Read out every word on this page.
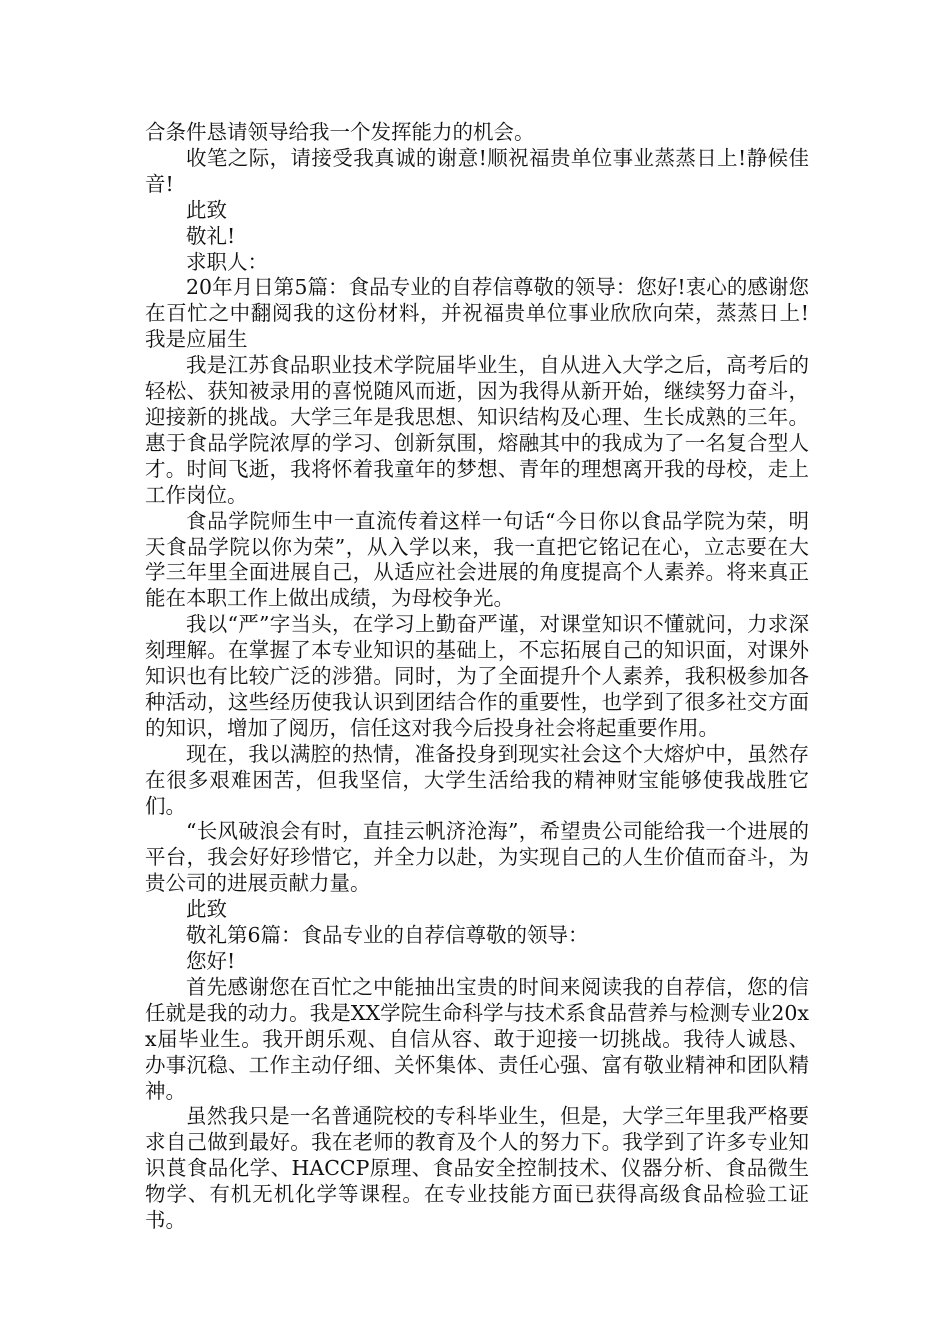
合条件恳请领导给我一个发挥能力的机会。

收笔之际，请接受我真诚的谢意!顺祝福贵单位事业蒸蒸日上!静候佳音!

此致

敬礼!

求职人：

20年月日第5篇：食品专业的自荐信尊敬的领导：您好!衷心的感谢您在百忙之中翻阅我的这份材料，并祝福贵单位事业欣欣向荣，蒸蒸日上! 我是应届生

我是江苏食品职业技术学院届毕业生，自从进入大学之后，高考后的轻松、获知被录用的喜悦随风而逝，因为我得从新开始，继续努力奋斗，迎接新的挑战。大学三年是我思想、知识结构及心理、生长成熟的三年。惠于食品学院浓厚的学习、创新氛围，熔融其中的我成为了一名复合型人才。时间飞逝，我将怀着我童年的梦想、青年的理想离开我的母校，走上工作岗位。

食品学院师生中一直流传着这样一句话“今日你以食品学院为荣，明天食品学院以你为荣”，从入学以来，我一直把它铭记在心，立志要在大学三年里全面进展自己，从适应社会进展的角度提高个人素养。将来真正能在本职工作上做出成绩，为母校争光。

我以“严”字当头，在学习上勤奋严谨，对课堂知识不懂就问，力求深刻理解。在掌握了本专业知识的基础上，不忘拓展自己的知识面，对课外知识也有比较广泛的涉猎。同时，为了全面提升个人素养，我积极参加各种活动，这些经历使我认识到团结合作的重要性，也学到了很多社交方面的知识，增加了阅历，信任这对我今后投身社会将起重要作用。

现在，我以满腔的热情，准备投身到现实社会这个大熔炉中，虽然存在很多艰难困苦，但我坚信，大学生活给我的精神财宝能够使我战胜它们。

“长风破浪会有时，直挂云帆济沧海”，希望贵公司能给我一个进展的平台，我会好好珍惜它，并全力以赴，为实现自己的人生价值而奋斗，为贵公司的进展贡献力量。

此致

敬礼第6篇：食品专业的自荐信尊敬的领导：

您好!

首先感谢您在百忙之中能抽出宝贵的时间来阅读我的自荐信，您的信任就是我的动力。我是XX学院生命科学与技术系食品营养与检测专业20xx届毕业生。我开朗乐观、自信从容、敢于迎接一切挑战。我待人诚恳、办事沉稳、工作主动仔细、关怀集体、责任心强、富有敬业精神和团队精神。

虽然我只是一名普通院校的专科毕业生，但是，大学三年里我严格要求自己做到最好。我在老师的教育及个人的努力下。我学到了许多专业知识莨食品化学、HACCP原理、食品安全控制技术、仪器分析、食品微生物学、有机无机化学等课程。在专业技能方面已获得高级食品检验工证书。
